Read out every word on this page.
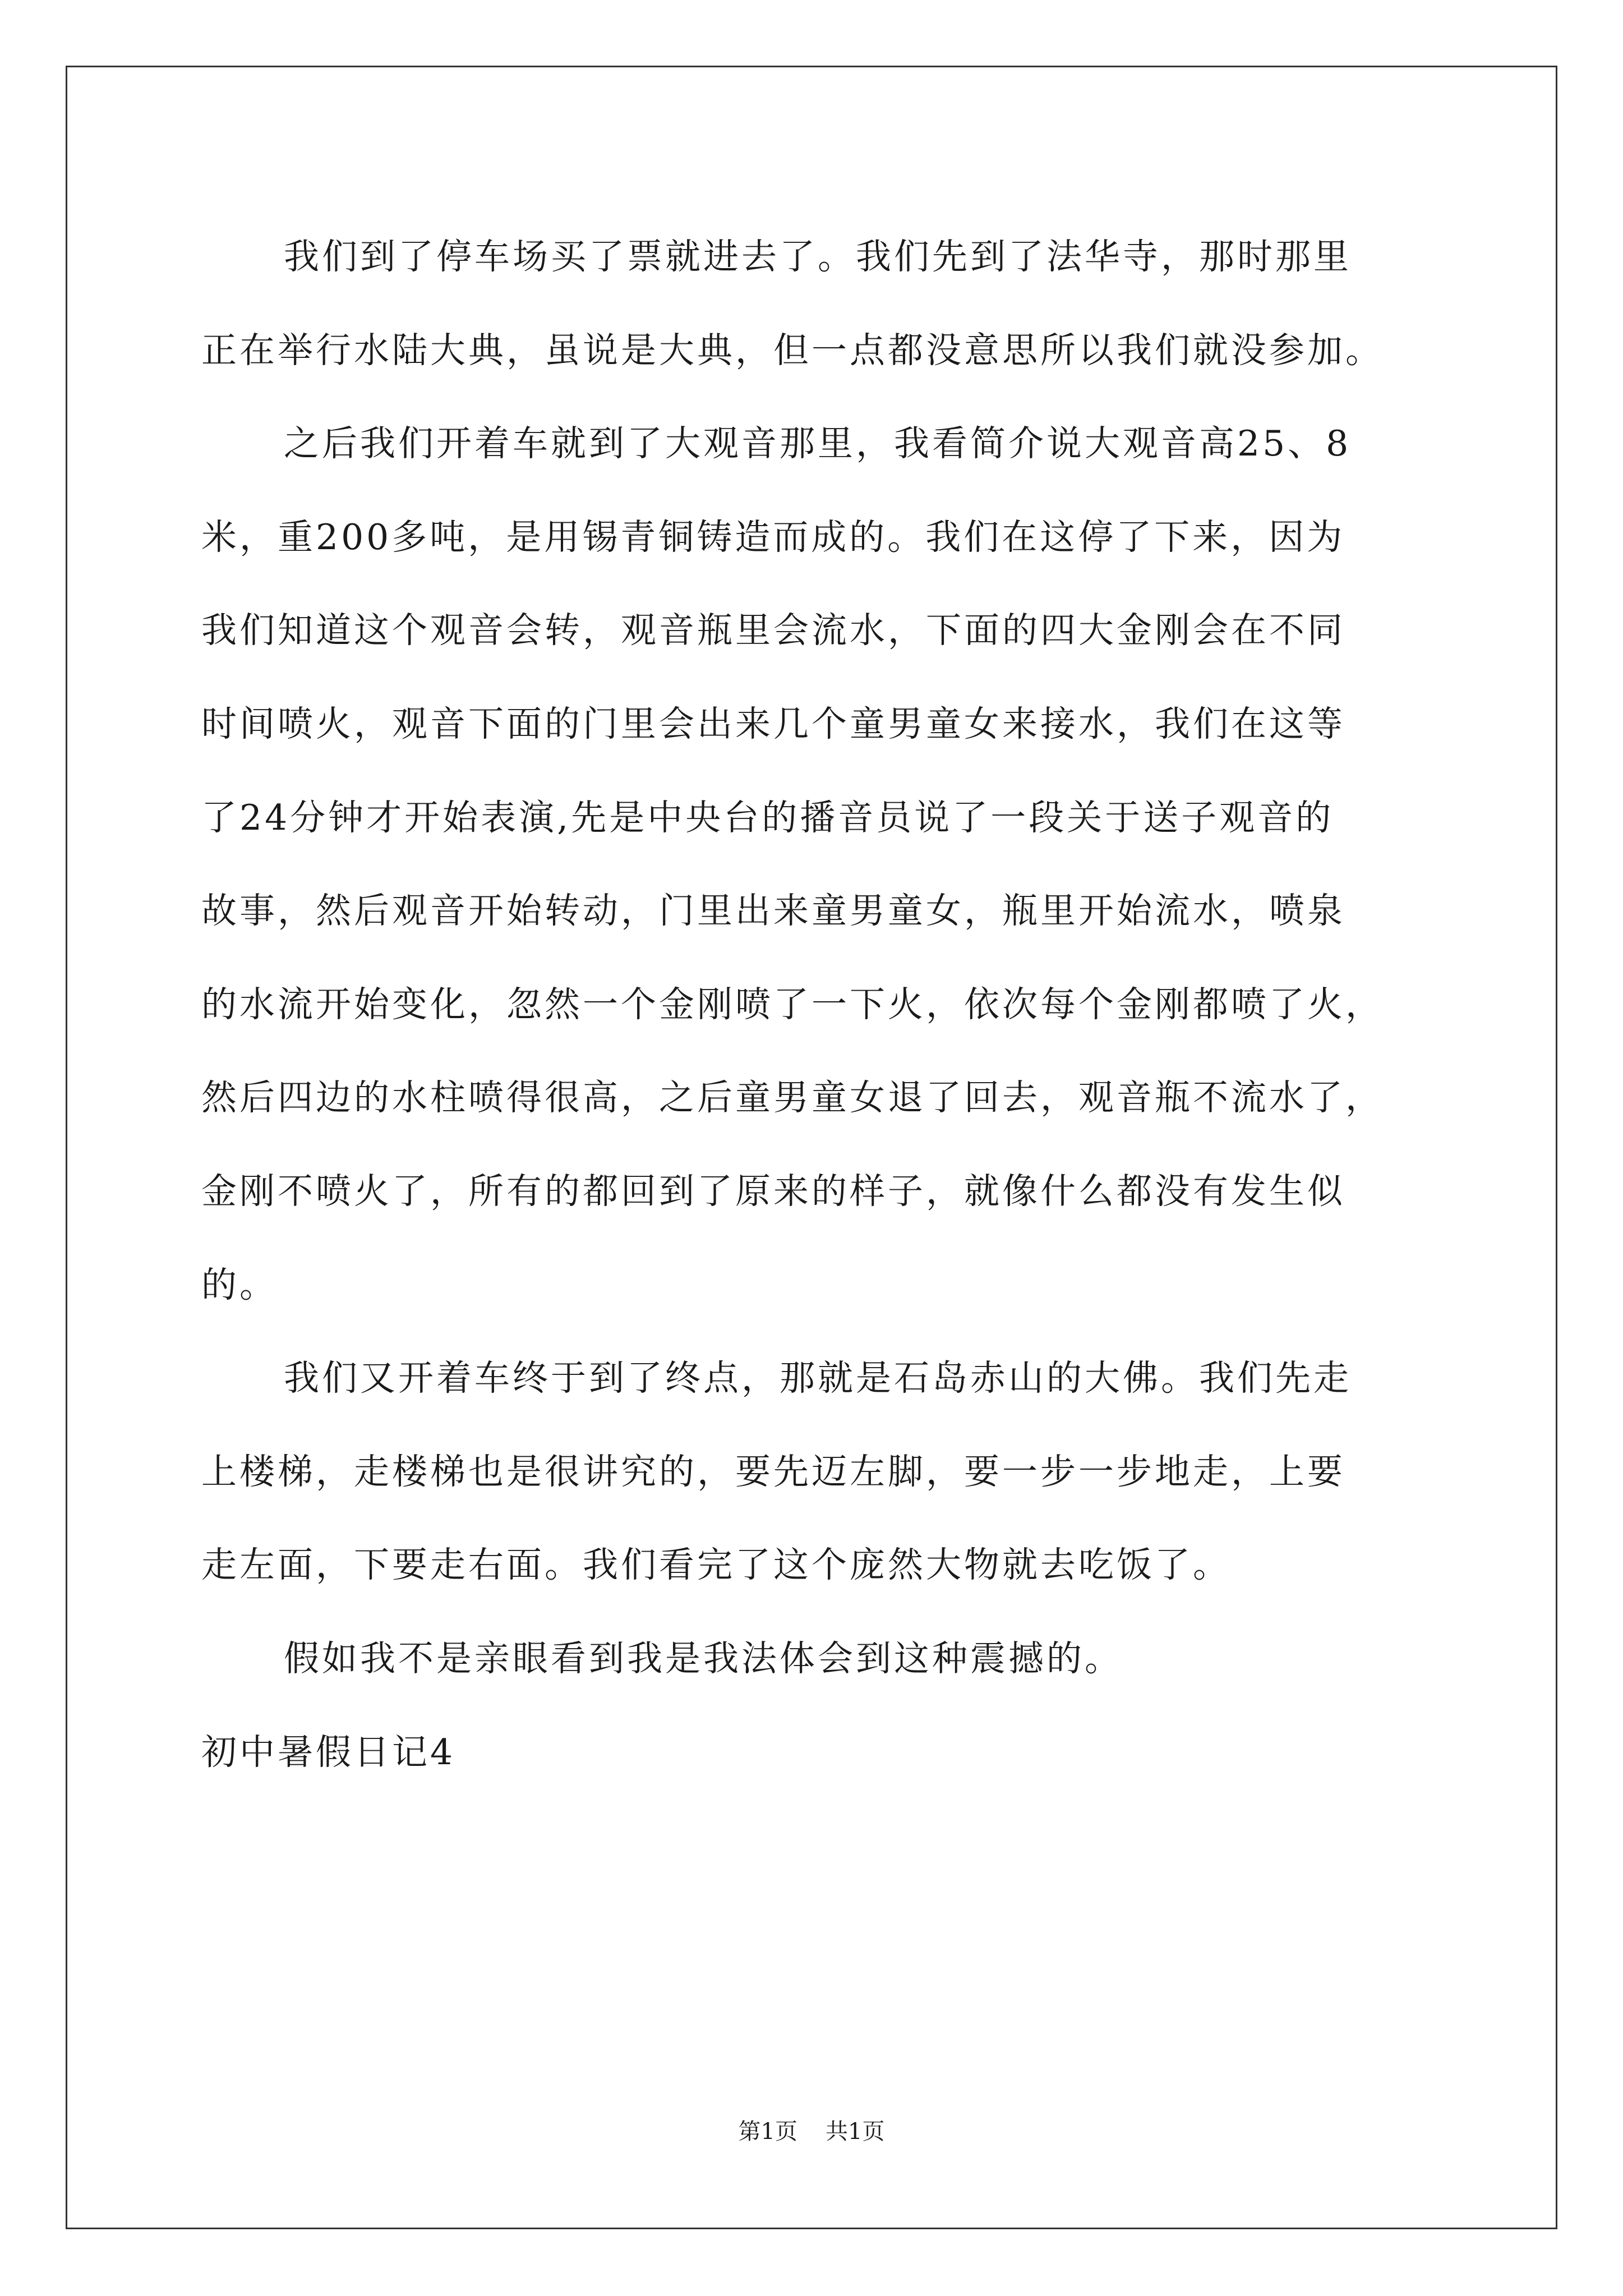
我们到了停车场买了票就进去了。我们先到了法华寺，那时那里
正在举行水陆大典，虽说是大典，但一点都没意思所以我们就没参加。
之后我们开着车就到了大观音那里，我看简介说大观音高25、8
米，重200多吨，是用锡青铜铸造而成的。我们在这停了下来，因为
我们知道这个观音会转，观音瓶里会流水，下面的四大金刚会在不同
时间喷火，观音下面的门里会出来几个童男童女来接水，我们在这等
了24分钟才开始表演,先是中央台的播音员说了一段关于送子观音的
故事，然后观音开始转动，门里出来童男童女，瓶里开始流水，喷泉
的水流开始变化，忽然一个金刚喷了一下火，依次每个金刚都喷了火，
然后四边的水柱喷得很高，之后童男童女退了回去，观音瓶不流水了，
金刚不喷火了，所有的都回到了原来的样子，就像什么都没有发生似
的。
我们又开着车终于到了终点，那就是石岛赤山的大佛。我们先走
上楼梯，走楼梯也是很讲究的，要先迈左脚，要一步一步地走，上要
走左面，下要走右面。我们看完了这个庞然大物就去吃饭了。
假如我不是亲眼看到我是我法体会到这种震撼的。
初中暑假日记4
第1页 共1页
